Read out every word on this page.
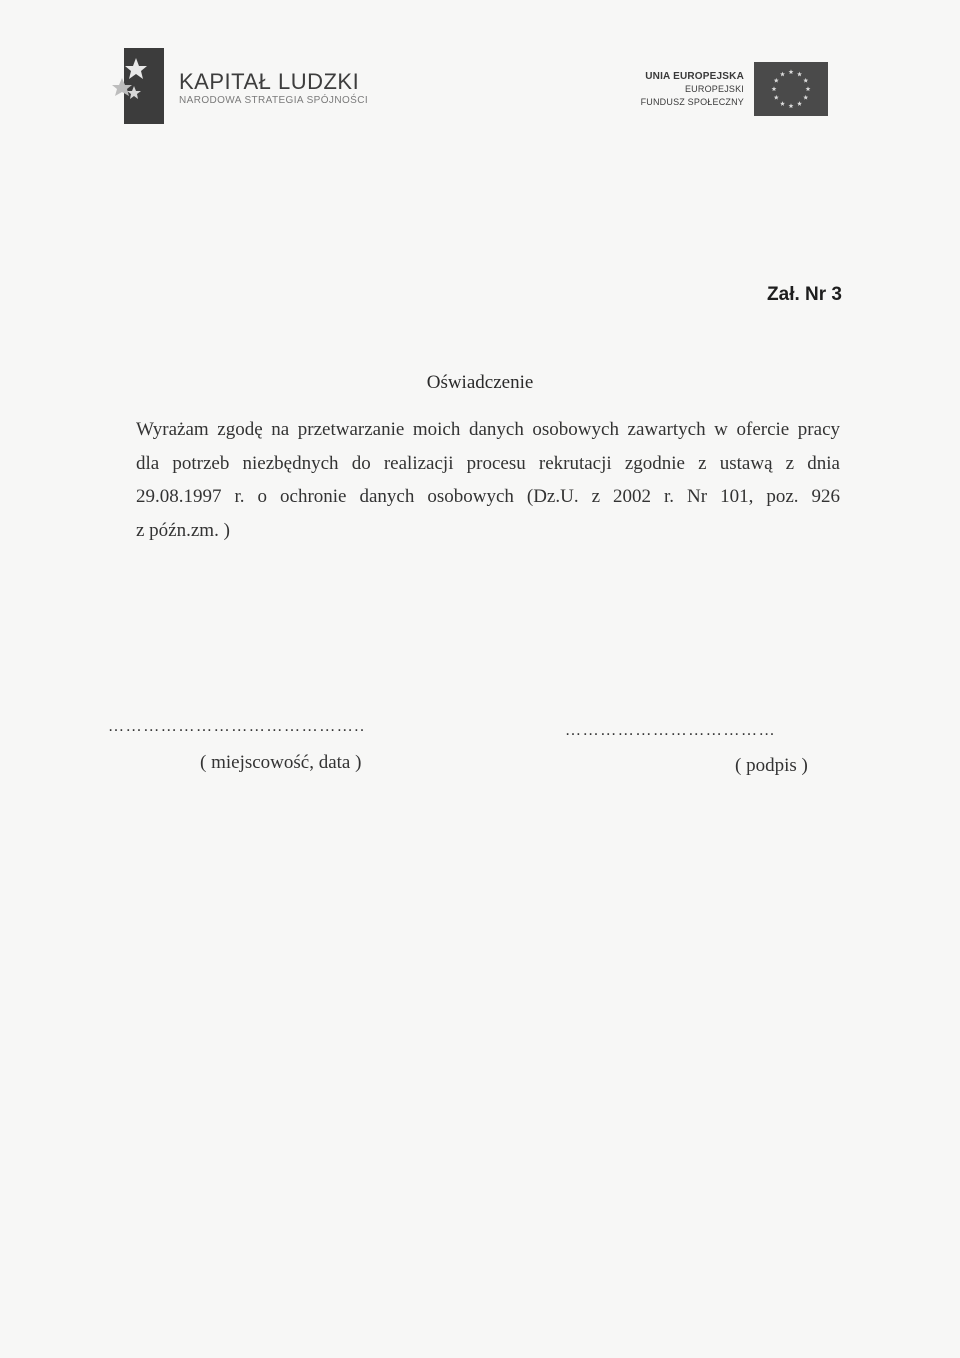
KAPITAŁ LUDZKI
NARODOWA STRATEGIA SPÓJNOŚCI
UNIA EUROPEJSKA
EUROPEJSKI
FUNDUSZ SPOŁECZNY
Zał. Nr 3
Oświadczenie
Wyrażam zgodę na przetwarzanie moich danych osobowych zawartych w ofercie pracy
dla potrzeb niezbędnych do realizacji procesu rekrutacji zgodnie z ustawą z dnia
29.08.1997 r. o ochronie danych osobowych (Dz.U. z 2002 r. Nr 101, poz. 926
z późn.zm. )
……………………………………..
( miejscowość, data )
………………………………
( podpis )
